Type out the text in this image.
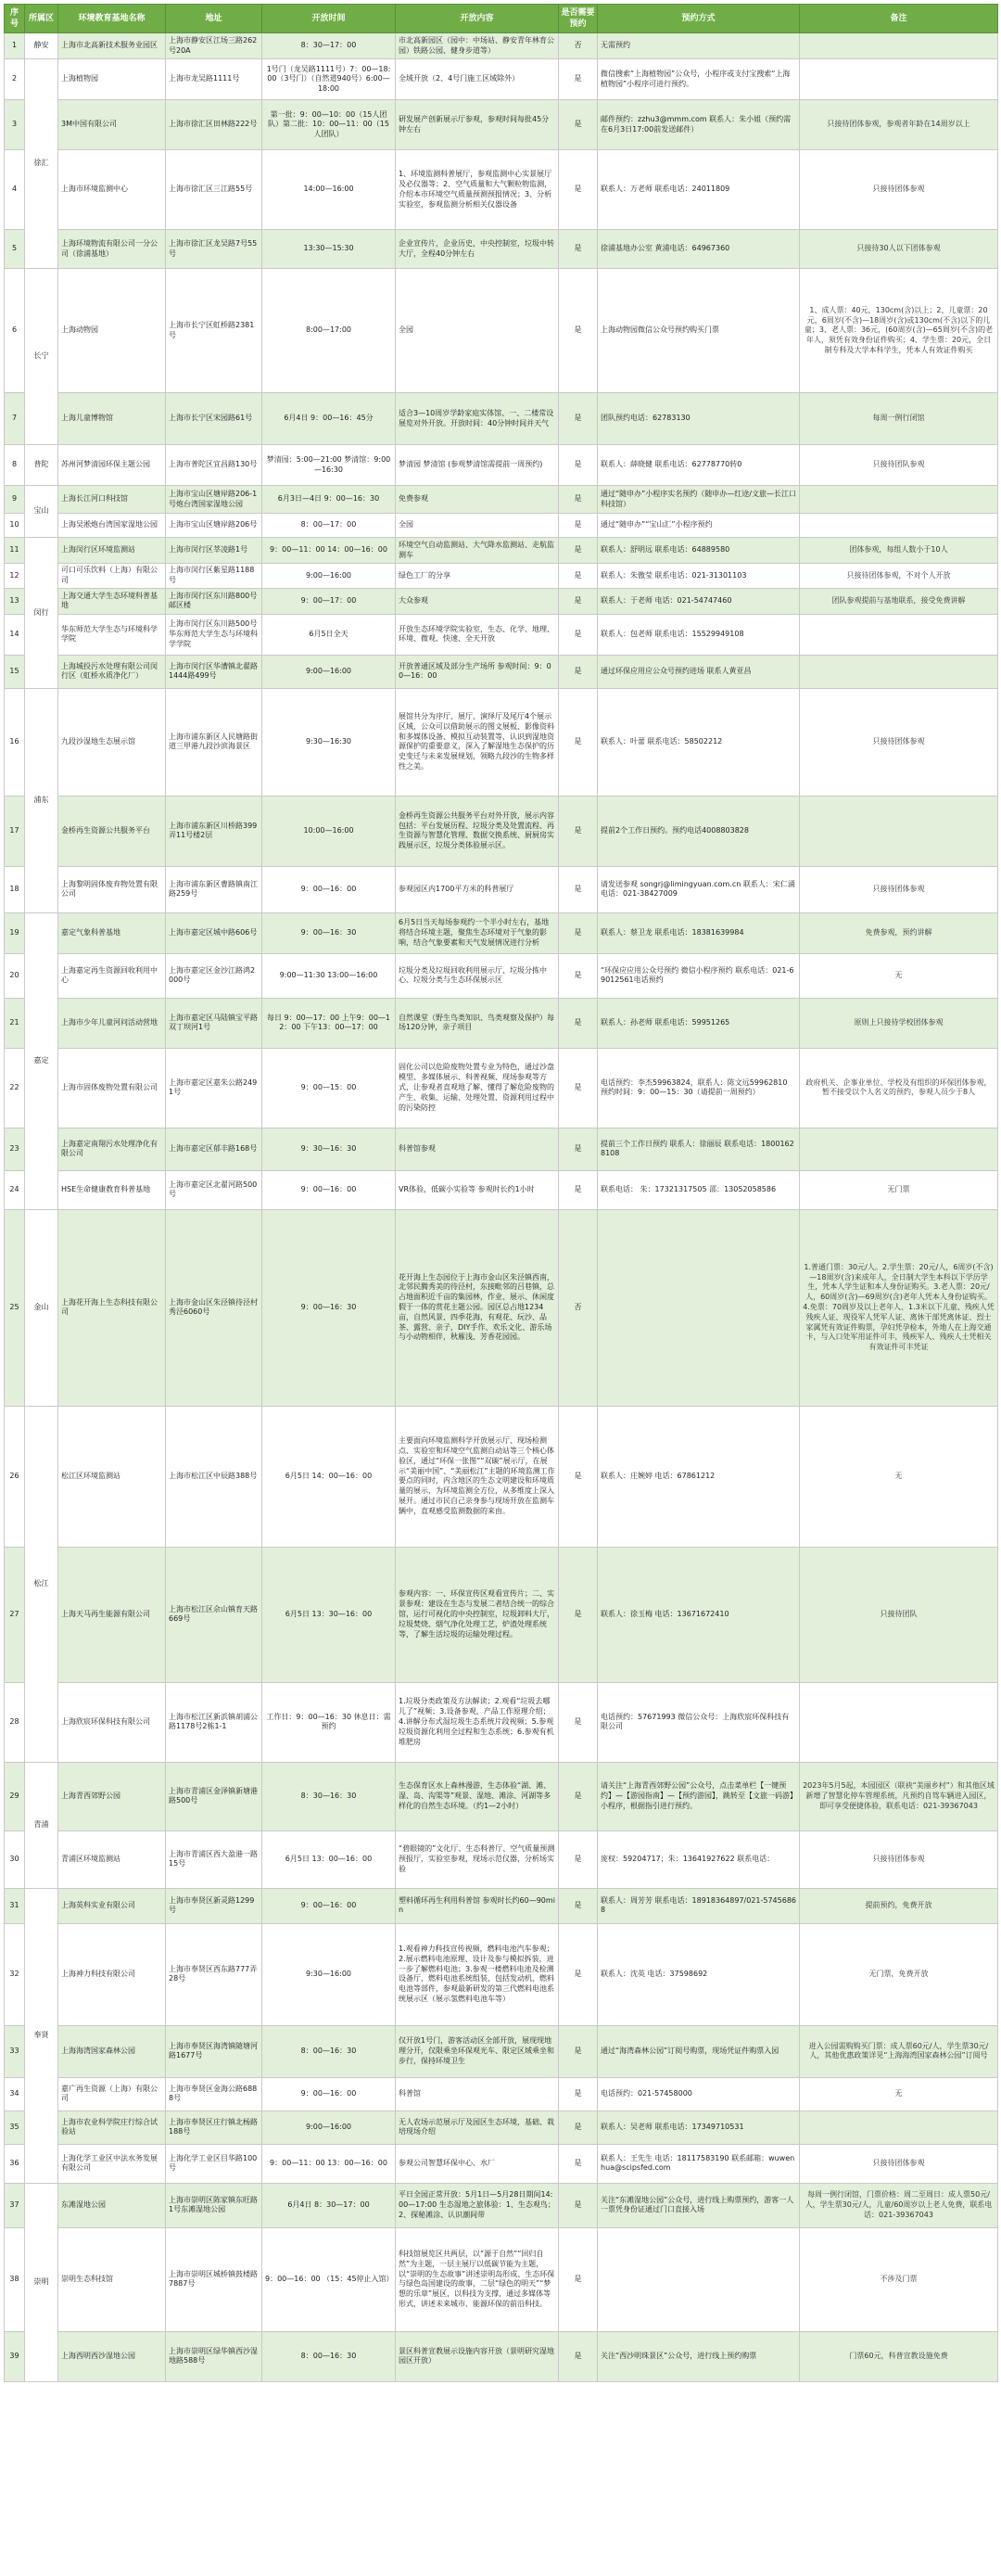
序号	所属区	环境教育基地名称	地址	开放时间	开放内容	是否需要预约	预约方式	备注
1	静安	上海市北高新技术服务业园区	上海市静安区江场三路262号20A	8：30—17：00	市北高新园区（园中：中场站、静安青年林育公园）铁路公园、健身步道等）	否	无需预约	
2	徐汇	上海植物园	上海市龙吴路1111号	1号门（龙吴路1111号）7：00—18:00（3号门）（自然道940号）6:00—18:00	全域开放（2、4号门施工区域除外）	是	微信搜索“上海植物园”公众号，小程序或支付宝搜索“上海植物园”小程序可进行预约。	
3		3M中国有限公司	上海市徐汇区田林路222号	第一批：9：00—10：00（15人团队）第二批：10：00—11：00（15人团队）	研发展产创新展示厅参观，参观时间每批45分钟左右	是	邮件预约：zzhu3@mmm.com 联系人：朱小姐（预约需在6月3日17:00前发送邮件）	只接待团体参观，参观者年龄在14周岁以上
4		上海市环境监测中心	上海市徐汇区三江路55号	14:00—16:00	1、环境监测科普展厅，参观监测中心实景展厅及必仪器等；2、空气质量和大气颗粒物监测，介绍本市环境空气质量预测预报情况；3、分析实验室，参观监测分析相关仪器设备	是	联系人：万老师 联系电话：24011809	只接待团体参观
5		上海环境物流有限公司一分公司（徐浦基地）	上海市徐汇区龙吴路7号55号	13:30—15:30	企业宣传片，企业历史，中央控制室，垃圾中转大厅，全程40分钟左右	是	徐浦基地办公室 黄浦电话：64967360	只接待30人以下团体参观
6	长宁	上海动物园	上海市长宁区虹桥路2381号	8:00—17:00	全园	是	上海动物园微信公众号预约购买门票	1、成人票：40元，130cm(含)以上；2、儿童票：20元，6周岁(不含)—18周岁(含)或130cm(不含)以下的儿童；3、老人票：36元，(60周岁(含)—65周岁(不含)的老年人，须凭有效身份证件购买；4、学生票：20元，全日制专科及大学本科学生，凭本人有效证件购买
7		上海儿童博物馆	上海市长宁区宋园路61号	6月4日 9：00—16：45分	适合3—10周岁学龄家庭实体馆、一、二楼常设展览对外开放。开放时间：40分钟时间并天气	是	团队预约电话：62783130	每周一例行闭馆
8	普陀	苏州河梦清园环保主题公园	上海市普陀区宜昌路130号	梦清园：5:00—21:00 梦清馆：9:00—16:30	梦清园 梦清馆 (参观梦清馆需提前一周预约)	是	联系人：薛晓健 联系电话：62778770转0	只接待团队参观
9	宝山	上海长江河口科技馆	上海市宝山区塘岸路206-1号炮台湾国家湿地公园	6月3日—4日 9：00—16：30	免费参观	是	通过“随申办”小程序实名预约（随申办—红途/文旅—长江口科技馆）	
10		上海吴淞炮台湾国家湿地公园	上海市宝山区塘岸路206号	8：00—17：00	全园	是	通过“随申办”“宝山汇”小程序预约	
11	闵行	上海闵行区环境监测站	上海市闵行区莘凌路1号	9：00—11：00 14：00—16：00	环境空气自动监测站、大气降水监测站、走航监测车	是	联系人：舒明远 联系电话：64889580	团体参观，每组人数小于10人
12		可口可乐饮料（上海）有限公司	上海市闵行区紫星路1188号	9:00—16:00	绿色工厂的分享	是	联系人：朱傲莹 联系电话：021-31301103	只接待团体参观，不对个人开放
13		上海交通大学生态环境科普基地	上海市闵行区东川路800号邮区楼	9：00—17：00	大众参观	是	联系人：于老师 电话：021-54747460	团队参观提前与基地联系，接受免费讲解
14		华东师范大学生态与环境科学学院	上海市闵行区东川路500号华东师范大学生态与环境科学学院	6月5日全天	开放生态环境学院实验室，生态、化学、地理、环境、微观、快速、全天开放	是	联系人：包老师 联系电话：15529949108	
15		上海城投污水处理有限公司闵行区（虹桥水质净化厂）	上海市闵行区华漕镇北翟路1444路499号	9:00—16:00	开放普通区域及部分生产场所 参观时间：9：00—16：00	是	通过环保应用应公众号预约进场 联系人黄亚昌	
16	浦东	九段沙湿地生态展示馆	上海市浦东新区人民塘路街道三甲港九段沙滨海景区	9:30—16:30	展馆共分为序厅、展厅、演绎厅及尾厅4个展示区域，公众可以借助展示的图文展板、影像资料和多媒体设备、模拟互动装置等，认识到湿地资源保护的重要意义，深入了解湿地生态保护的历史变迁与未来发展规划，领略九段沙的生物多样性之美。	是	联系人：叶蕾 联系电话：58502212	只接待团体参观
17		金桥再生资源公共服务平台	上海市浦东新区川桥路399弄11号楼2层	10:00—16:00	金桥再生资源公共服务平台对外开放，展示内容包括：平台发展历程、垃圾分类及处置流程、再生资源与智慧化管理、数据交换系统、厨厨房实践展示区，垃圾分类体验展示区。	是	提前2个工作日预约。预约电话4008803828	
18		上海黎明固体废弃物处置有限公司	上海市浦东新区曹路镇南江路259号	9：00—16：00	参观园区内1700平方米的科普展厅	是	请发送参观 songrj@limingyuan.com.cn 联系人：宋仁涌 电话：021-38427009	只接待团体参观
19	嘉定	嘉定气象科普基地	上海市嘉定区城中路606号	9：00—16：30	6月5日当天每场参观约一个半小时左右，基地将结合环境主题，聚焦生态环境对于气象的影响，结合气象要素和天气发展情况进行分析	是	联系人：蔡卫龙 联系电话：18381639984	免费参观，预约讲解
20		上海嘉定再生资源回收利用中心	上海市嘉定区金沙江路鸿2000号	9:00—11:30 13:00—16:00	垃圾分类及垃圾回收利用展示厅、垃圾分拣中心、垃圾分类与生态环保展示区	是	“环保应应用公众号预约 微信小程序预约 联系电话：021-69012561电话预约	无
21		上海市少年儿童河问活动营地	上海市嘉定区马陆镇宝平路双丁坝河1号	每日 9：00—17：00 上午9：00—12：00 下午13：00—17：00	自然课堂（野生鸟类知识、鸟类观察及保护）每场120分钟，亲子项目	是	联系人：孙老师 联系电话：59951265	原则上只接待学校团体参观
22		上海市固体废物处置有限公司	上海市嘉定区嘉朱公路2491号	9：00—15：00	固化公司以危险废物处置专业为特色，通过沙盘模型、多媒体展示、科普视频、现场参观等方式，让参观者直观地了解、懂得了解危险废物的产生、收集、运输、处理处置、资源利用过程中的污染防控	是	电话预约：李杰59963824，联系人：陈文远59962810 预约时间：9：00—15：30（请提前一周预约）	政府机关、企事业单位、学校及有组织的环保团体参观，暂不接受以个人名义的预约，参观人员少于8人
23		上海嘉定南翔污水处理净化有限公司	上海市嘉定区郁丰路168号	9：30—16：30	科普馆参观	是	提前三个工作日预约 联系人：徐丽辰 联系电话：18001628108	
24		HSE生命健康教育科普基地	上海市嘉定区北翟河路500号	9：00—16：00	VR体验，低碳小实验等 参观时长约1小时	是	联系电话： 朱：17321317505 邵：13052058586	无门票
25	金山	上海花开海上生态科技有限公司	上海市金山区朱泾镇待泾村秀泾6060号	9：00—16：30	花开海上生态园位于上海市金山区朱泾镇西南，北邻民腾秀美的待泾村，东接毗邻的吕巷镇，总占地面积近千亩的集园林，作业、展示、休闲度假于一体的赏花主题公园。园区总占地1234亩，自然风景、四季花海，有观花、玩沙、品茶、露营、亲子，DIY手作、欢乐文化、游乐场与小动物相伴，秋雁浅、芳香花园园。	否		1.普通门票：30元/人。2.学生票：20元/人，6周岁(不含)—18周岁(含)来成年人，全日制大学生本科以下学历学生，凭本人学生证和本人身份证购买。3.老人票：20元/人，60周岁(含)—69周岁(含)老年人凭本人身份证购买。4.免票：70周岁及以上老年人、1.3米以下儿童、残疾人凭残疾人证、现役军人凭军人证、离休干部凭离休证、烈士家属凭有效证件购票，孕妇凭孕检本，外地人在上海交通卡，与入口处军用证件可丰，残疾军人、残疾人士凭相关有效证件可丰凭证
26	松江	松江区环境监测站	上海市松江区中辰路388号	6月5日 14：00—16：00	主要面向环境监测科学开放展示厅、现场检测点、实验室和环境空气监测自动站等三个核心体验区，通过“环保一张图”“双碳”展示厅，在展示“美丽中国”、“美丽松江”主题的环境监测工作要点的同时，内含地区的生态文明建设和环境质量的展示，为环境监测全方位，从多维度上深入展开。通过市民自己亲身参与现场开放在监测车辆中，直观感受监测数据的来由。	是	联系人：庄婉婷 电话：67861212	无
27		上海天马再生能源有限公司	上海市松江区佘山镇育天路669号	6月5日 13：30—16：00	参观内容：一、环保宣传区观看宣传片；二、实景参观：建设在生态与发展二者结合统一的综合馆，运行可视化的中央控制室，垃圾卸料大厅，垃圾焚烧、烟气净化处理工艺，炉渣处理系统等，了解生活垃圾的运输处理过程。	是	联系人：徐玉梅 电话：13671672410	只接待团队
28		上海欣宸环保科技有限公司	上海市松江区新浜镇胡浦公路1178号2栋1-1	工作日：9：00—16：30 休息日：需预约	1.垃圾分类政策及方法解读；2.观看“垃圾去哪儿了”视频；3.设备参观，产品工作原理介绍；4.讲解分布式湿垃圾生态系统片段视频；5.参观垃圾资源化利用全过程和生态系统；6.参观有机堆肥房	是	电话预约：57671993 微信公众号：上海欣宸环保科技有限公司	
29	青浦	上海青西郊野公园	上海市青浦区金泽镇新塘港路500号	8：30—16：30	生态保育区水上森林漫游，生态体验“湖、滩、湿、岛、沟渠等”观景、湿地、滩涂、河湖等多样化的自然生态环境。（约1—2小时）	是	请关注“上海青西郊野公园”公众号，点击菜单栏【一键预约】—【游园指南】—【预约游园】，跳转至【文旅一码游】小程序，根据指引进行预约。	2023年5月5起，本园园区（联袂“美丽乡村”）和其他区域新增了智慧化停车管理系统，凡预约自驾车辆进入园区，即可享受便捷体验，联系电话：021-39367043
30		青浦区环境监测站	上海市青浦区西大盈港一路15号	6月5日 13：00—16：00	“碧眼镜的”文化厅、生态科普厅、空气质量预测预报厅，实验室参观，现场示范仪器，分析场实验	是	庞权：59204717；朱：13641927622 联系电话：	只接待团体参观
31	奉贤	上海英科实业有限公司	上海市奉贤区新灵路1299号	9：00—16：00	塑料循环再生利用科普馆 参观时长约60—90min	是	联系人：周芳芳 联系电话：18918364897/021-57456868	提前预约，免费开放
32		上海神力科技有限公司	上海市奉贤区西东路777弄28号	9:30—16:00	1.观看神力科技宣传视频，燃料电池汽车参观；2.展示燃料电池原理、设计及参与模拟拆装，进一步了解燃料电池；3.参观一楼燃料电池及检测设备厅，燃料电池系统组装，包括发动机、燃料电池等部件，参观最新研发的第三代燃料电池系统展示区（展示氢燃料电池车等）	是	联系人：沈英 电话：37598692	无门票，免费开放
33		上海海湾国家森林公园	上海市奉贤区海湾镇随塘河路1677号	8：00—16：30	仅开放1号门，游客活动区全部开放，展现现地理分开，仅限乘坐环保观光车、限定区域乘坐和步行，保持环境卫生	是	通过“海湾森林公园”订阅号购票，现场凭证件购票入园	进入公园需购购买门票：成人票60元/人，学生票30元/人，其他优惠政策详见“上海海湾国家森林公园”订阅号
34		嘉广再生资源（上海）有限公司	上海市奉贤区金海公路6888号	9：00—16：00	科普馆	是	电话预约：021-57458000	无
35		上海市农业科学院庄行综合试验站	上海市奉贤区庄行镇北杨路188号	9:00—16:00	无人农场示范展示厅及园区生态环境，基础、栽培现场介绍	是	联系人：吴老师 联系电话：17349710531	
36		上海化学工业区中法水务发展有限公司	上海化学工业区目华路100号	9：00—11：00 13：00—16：00	参观公司智慧环保中心、水厂	是	联系人：王先生 电话：18117583190 联系邮箱：wuwenhua@scipsfed.com	只接待团体参观
37	崇明	东滩湿地公园	上海市崇明区陈家镇东旺路1号东滩湿地公园	6月4日 8：30—17：00	平日全园正常开放：5月1日—5月28日期间14:00—17:00 生态湿地之旅体验：1、生态观鸟；2、探秘滩涂、认识潮间带	是	关注“东滩湿地公园”公众号，进行线上购票预约，游客一人一票凭身份证通过门口直接入场	每周一例行闭馆，门票价格：周二至周日：成人票50元/人，学生票30元/人，儿童/60周岁以上老人免费，联系电话：021-39367043
38		崇明生态科技馆	上海市崇明区城桥镇鼓楼路7887号	9：00—16：00 （15：45停止入馆）	科技馆展览区共两层，以“源于自然”“回归自然”为主题，一层主展厅以低碳节能为主题，以“崇明的生态故事”讲述崇明岛形成、生态环保与绿色岛国建设的故事，二层“绿色的明天”“梦想的乐章”展区，以科技为支撑，通过多媒体等形式，讲述未来城市、能源环保的前沿科技。	是		不涉及门票
39		上海西明西沙湿地公园	上海市崇明区绿华镇西沙湿地路588号	8：00—16：30	景区科普宣教展示设施内容开放（景明研究湿地园区开放）	是	关注“西沙明珠景区”公众号，进行线上预约购票	门票60元，科普宣教设施免费
